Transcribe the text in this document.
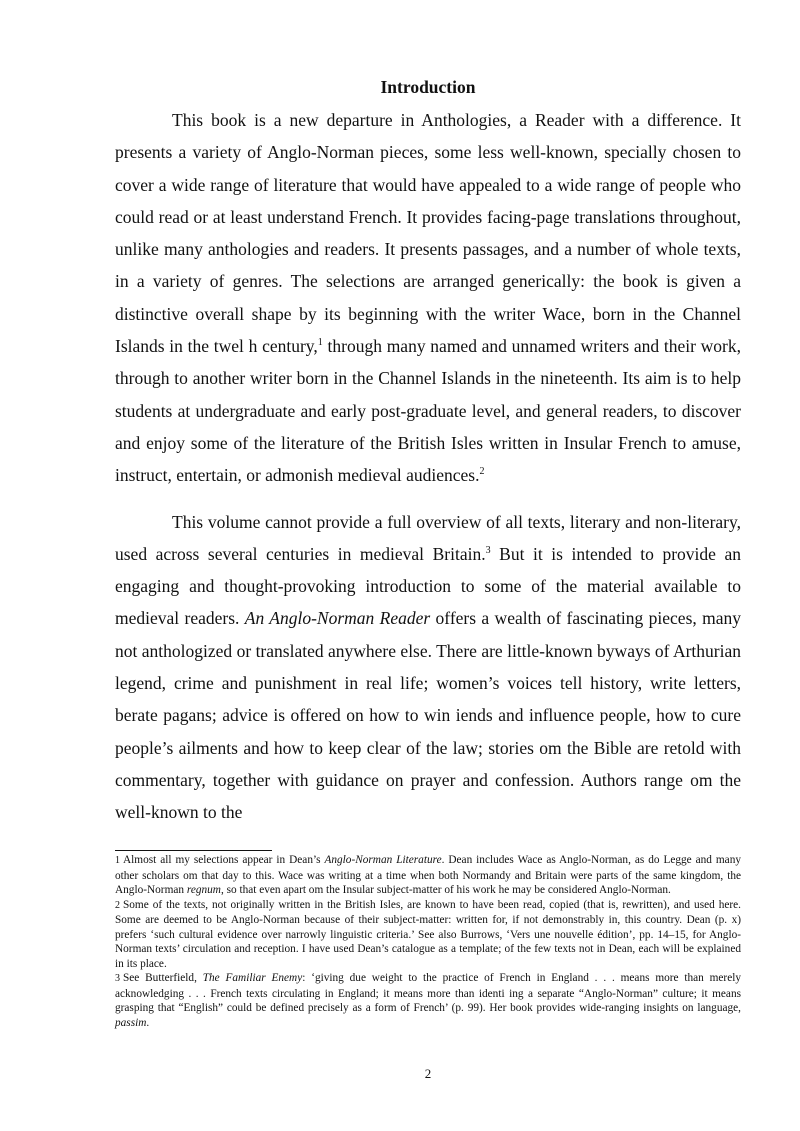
Introduction

This book is a new departure in Anthologies, a Reader with a difference. It presents a variety of Anglo-Norman pieces, some less well-known, specially chosen to cover a wide range of literature that would have appealed to a wide range of people who could read or at least understand French. It provides facing-page translations throughout, unlike many anthologies and readers. It presents passages, and a number of whole texts, in a variety of genres. The selections are arranged generically: the book is given a distinctive overall shape by its beginning with the writer Wace, born in the Channel Islands in the twel h century,$^1$ through many named and unnamed writers and their work, through to another writer born in the Channel Islands in the nineteenth. Its aim is to help students at undergraduate and early post-graduate level, and general readers, to discover and enjoy some of the literature of the British Isles written in Insular French to amuse, instruct, entertain, or admonish medieval audiences.$^2$

This volume cannot provide a full overview of all texts, literary and non-literary, used across several centuries in medieval Britain.$^3$ But it is intended to provide an engaging and thought-provoking introduction to some of the material available to medieval readers. An Anglo-Norman Reader offers a wealth of fascinating pieces, many not anthologized or translated anywhere else. There are little-known byways of Arthurian legend, crime and punishment in real life; women’s voices tell history, write letters, berate pagans; advice is offered on how to win iends and influence people, how to cure people’s ailments and how to keep clear of the law; stories om the Bible are retold with commentary, together with guidance on prayer and confession. Authors range om the well-known to the

1 Almost all my selections appear in Dean’s Anglo-Norman Literature. Dean includes Wace as Anglo-Norman, as do Legge and many other scholars om that day to this. Wace was writing at a time when both Normandy and Britain were parts of the same kingdom, the Anglo-Norman regnum, so that even apart om the Insular subject-matter of his work he may be considered Anglo-Norman.

2 Some of the texts, not originally written in the British Isles, are known to have been read, copied (that is, rewritten), and used here. Some are deemed to be Anglo-Norman because of their subject-matter: written for, if not demonstrably in, this country. Dean (p. x) prefers ‘such cultural evidence over narrowly linguistic criteria.’ See also Burrows, ‘Vers une nouvelle édition’, pp. 14–15, for Anglo-Norman texts’ circulation and reception. I have used Dean’s catalogue as a template; of the few texts not in Dean, each will be explained in its place.

3 See Butterfield, The Familiar Enemy: ‘giving due weight to the practice of French in England . . . means more than merely acknowledging . . . French texts circulating in England; it means more than identi ing a separate “Anglo-Norman” culture; it means grasping that “English” could be defined precisely as a form of French’ (p. 99). Her book provides wide-ranging insights on language, passim.

2
